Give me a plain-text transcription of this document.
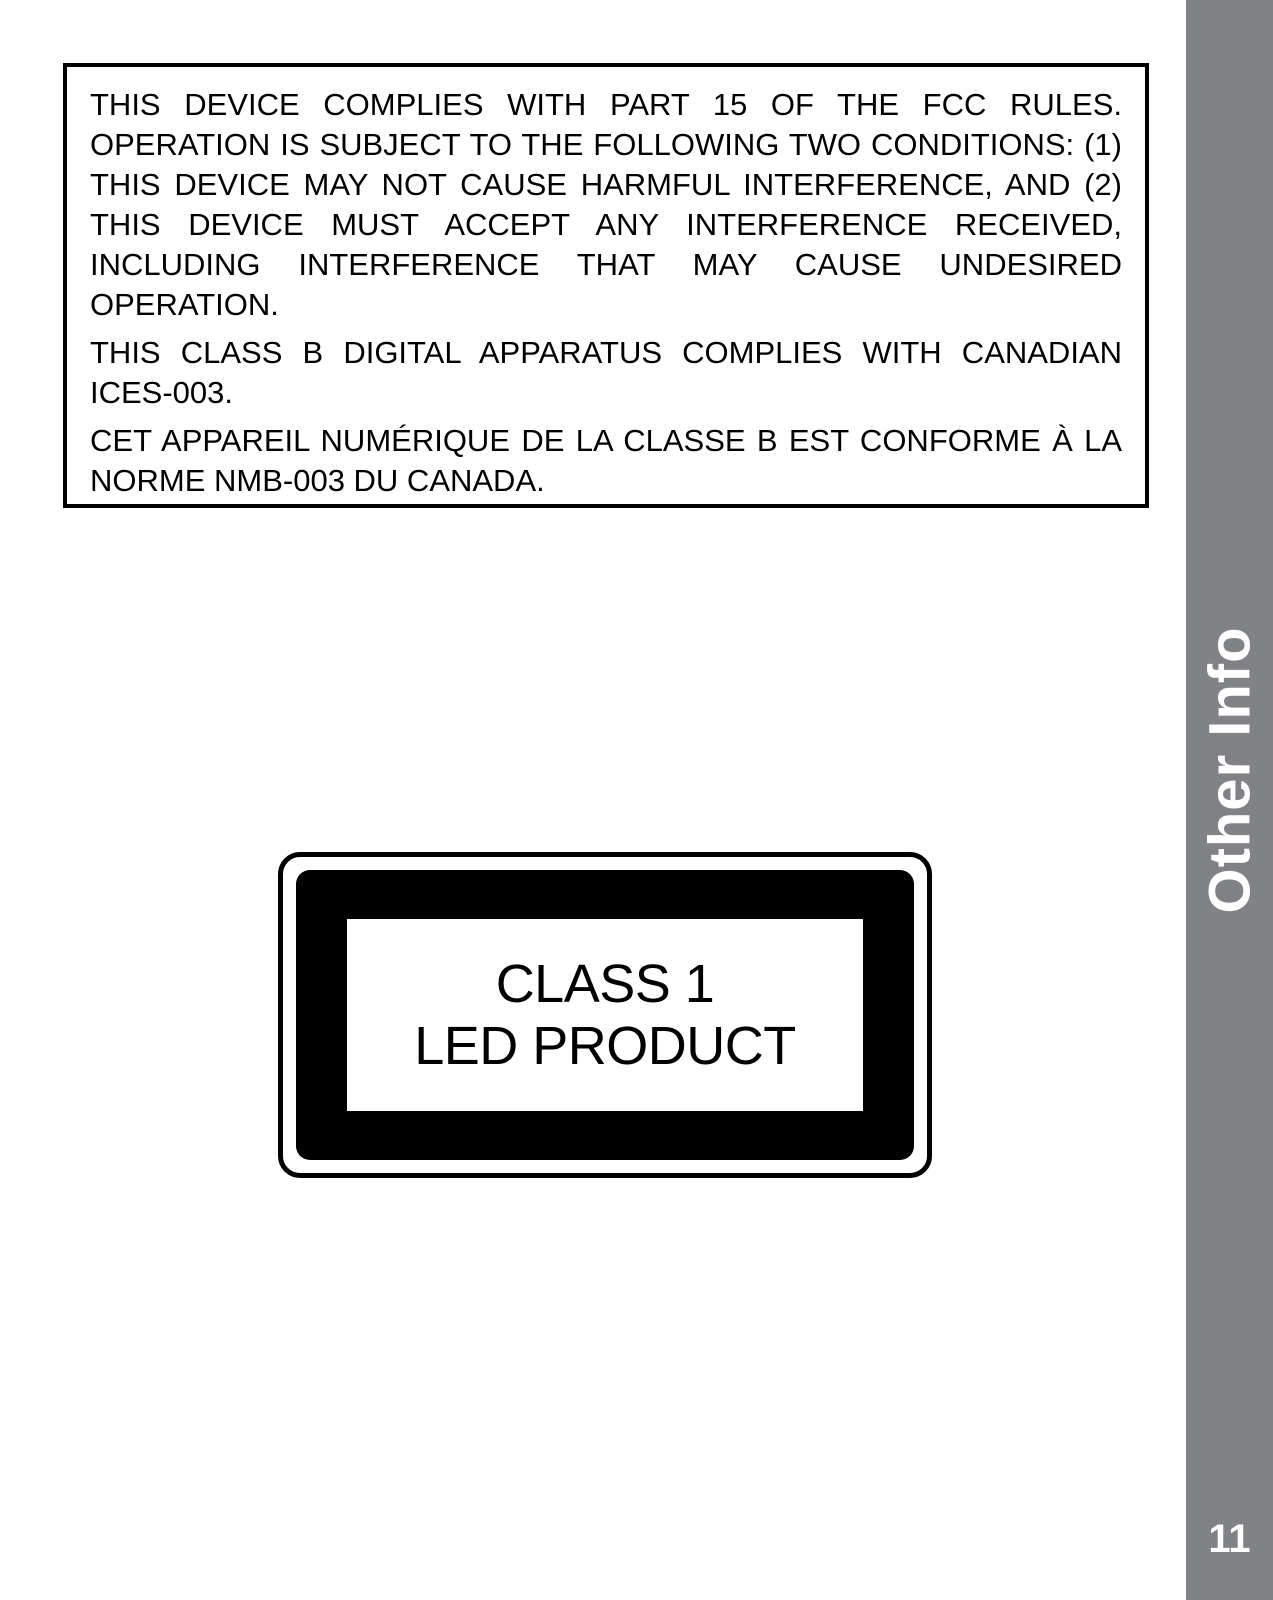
THIS DEVICE COMPLIES WITH PART 15 OF THE FCC RULES. OPERATION IS SUBJECT TO THE FOLLOWING TWO CONDITIONS: (1) THIS DEVICE MAY NOT CAUSE HARMFUL INTERFERENCE, AND (2) THIS DEVICE MUST ACCEPT ANY INTERFERENCE RECEIVED, INCLUDING INTERFERENCE THAT MAY CAUSE UNDESIRED OPERATION.

THIS CLASS B DIGITAL APPARATUS COMPLIES WITH CANADIAN ICES-003.

CET APPAREIL NUMÉRIQUE DE LA CLASSE B EST CONFORME À LA NORME NMB-003 DU CANADA.

CLASS 1
LED PRODUCT
Other Info
11
